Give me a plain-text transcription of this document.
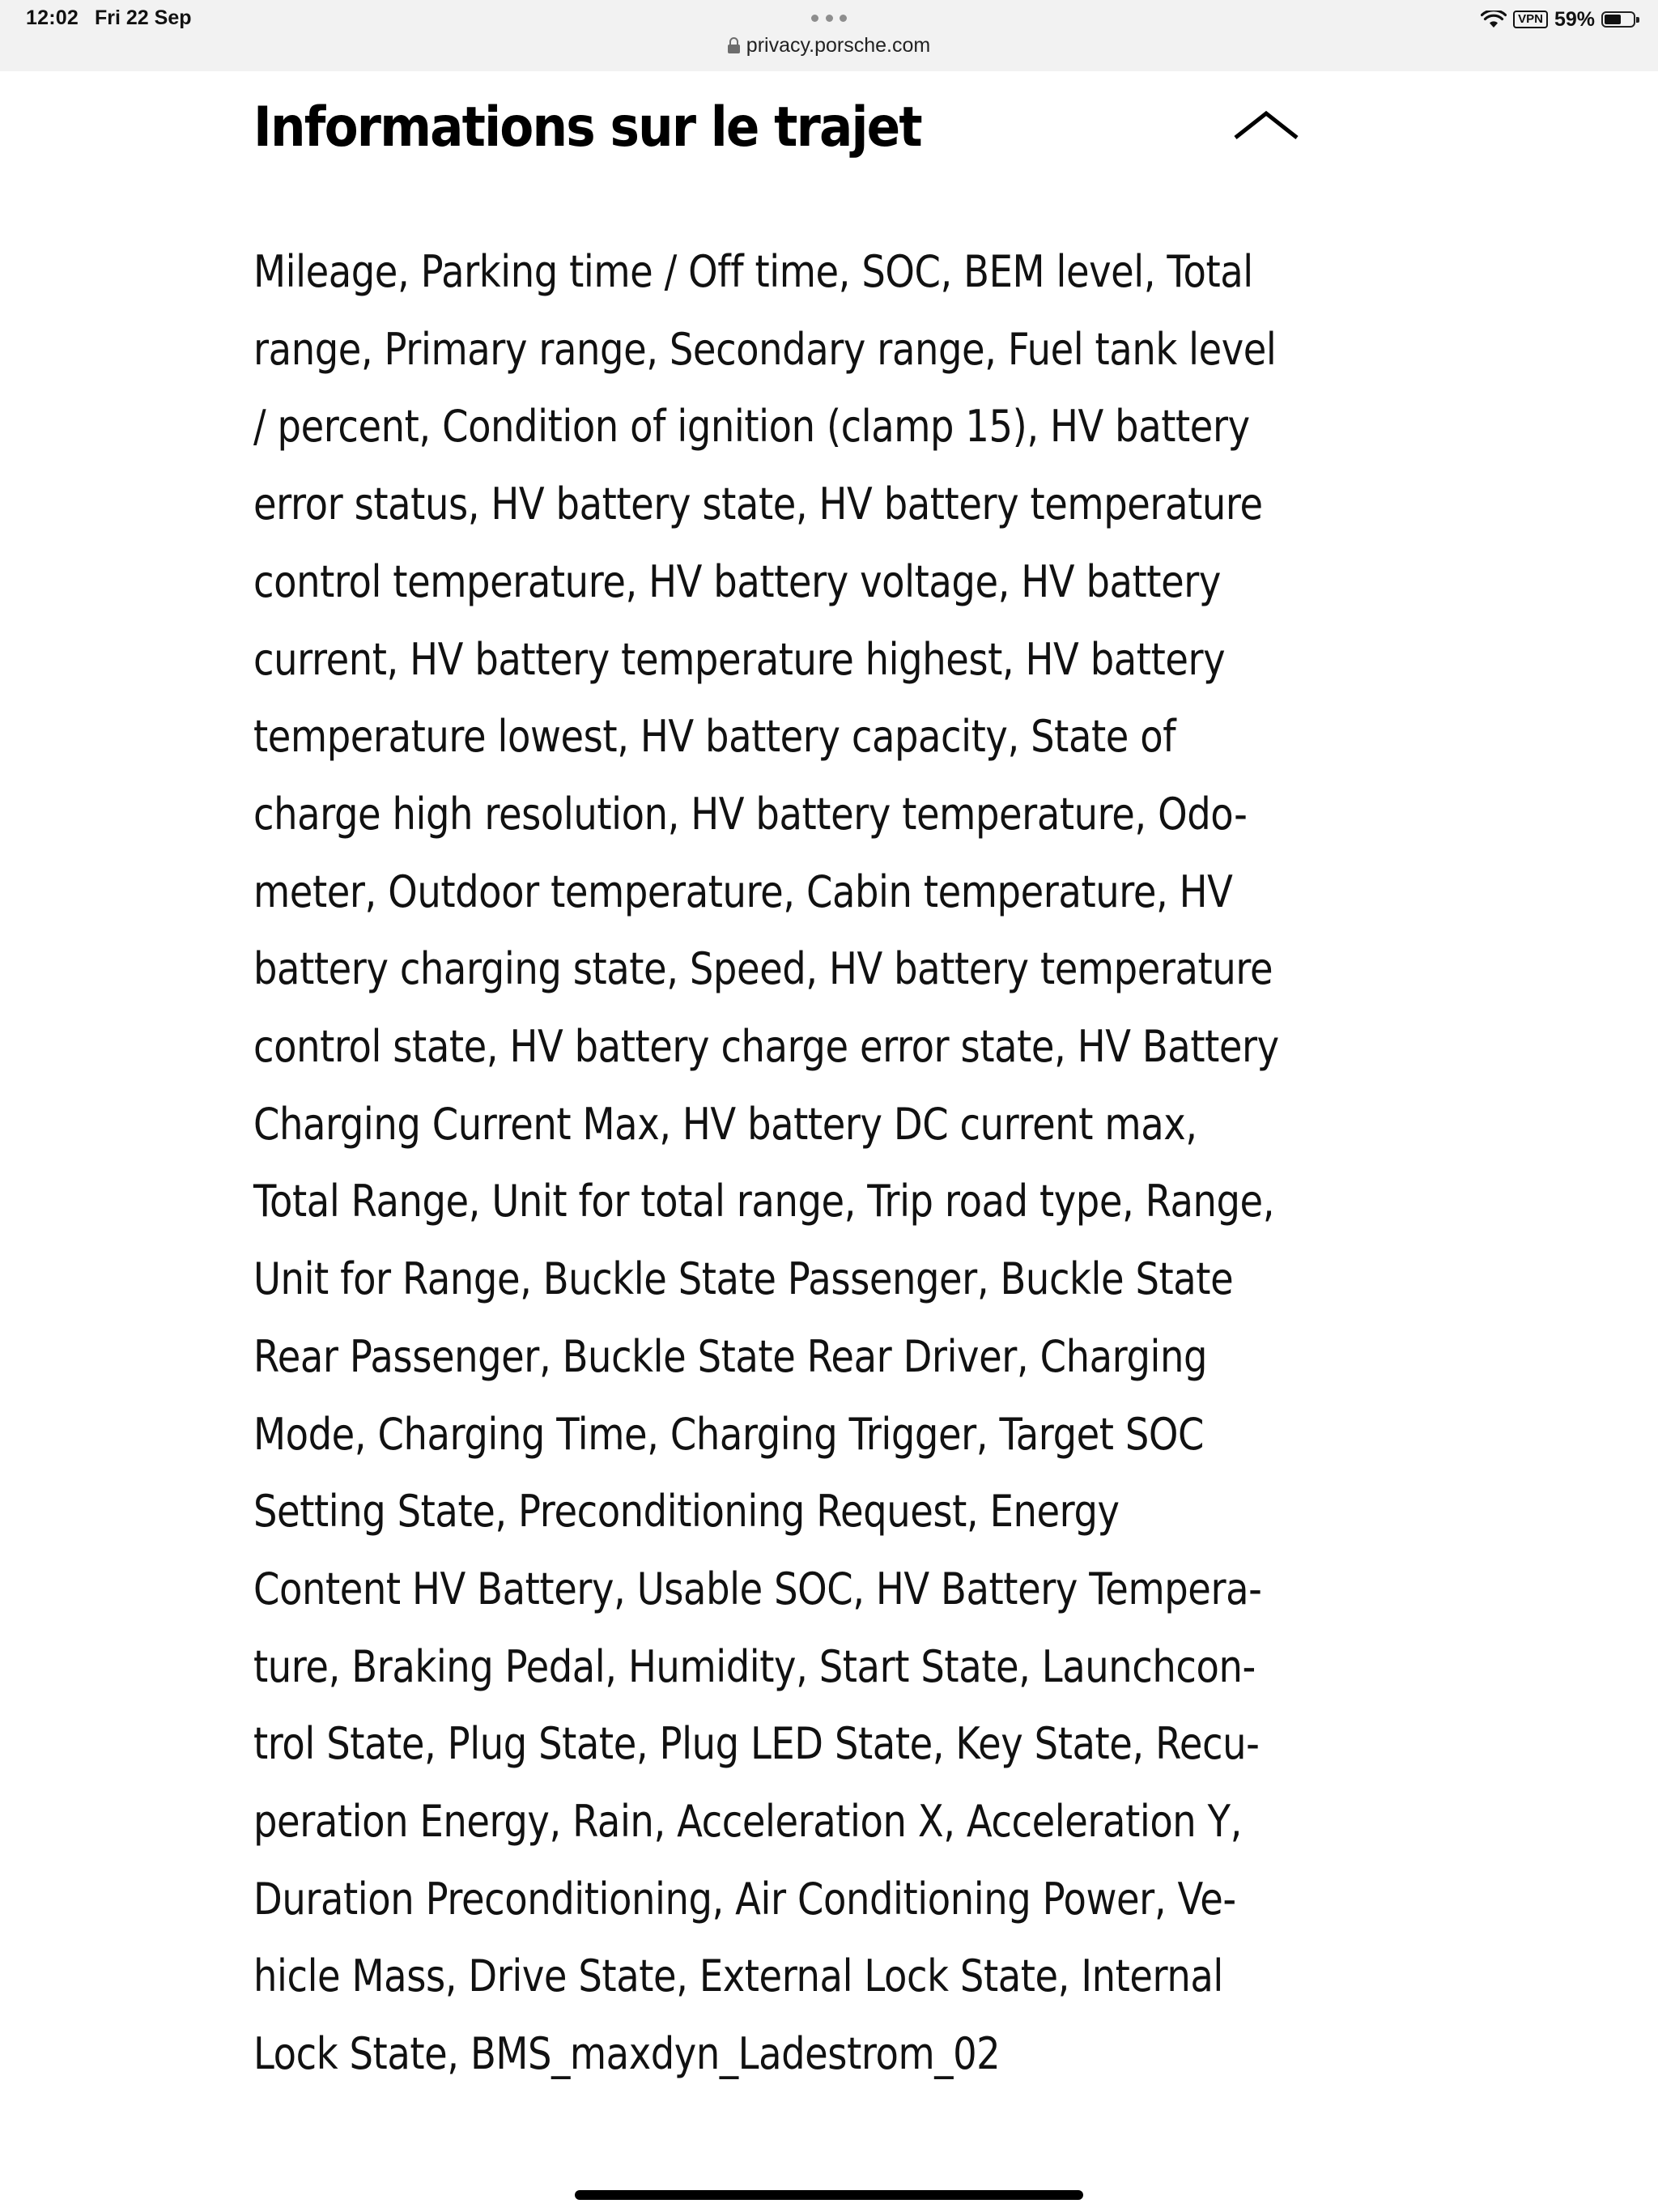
12:02 Fri 22 Sep
privacy.porsche.com
VPN 59%
Informations sur le trajet

Mileage, Parking time / Off time, SOC, BEM level, Total
range, Primary range, Secondary range, Fuel tank level
/ percent, Condition of ignition (clamp 15), HV battery
error status, HV battery state, HV battery temperature
control temperature, HV battery voltage, HV battery
current, HV battery temperature highest, HV battery
temperature lowest, HV battery capacity, State of
charge high resolution, HV battery temperature, Odo-
meter, Outdoor temperature, Cabin temperature, HV
battery charging state, Speed, HV battery temperature
control state, HV battery charge error state, HV Battery
Charging Current Max, HV battery DC current max,
Total Range, Unit for total range, Trip road type, Range,
Unit for Range, Buckle State Passenger, Buckle State
Rear Passenger, Buckle State Rear Driver, Charging
Mode, Charging Time, Charging Trigger, Target SOC
Setting State, Preconditioning Request, Energy
Content HV Battery, Usable SOC, HV Battery Tempera-
ture, Braking Pedal, Humidity, Start State, Launchcon-
trol State, Plug State, Plug LED State, Key State, Recu-
peration Energy, Rain, Acceleration X, Acceleration Y,
Duration Preconditioning, Air Conditioning Power, Ve-
hicle Mass, Drive State, External Lock State, Internal
Lock State, BMS_maxdyn_Ladestrom_02
